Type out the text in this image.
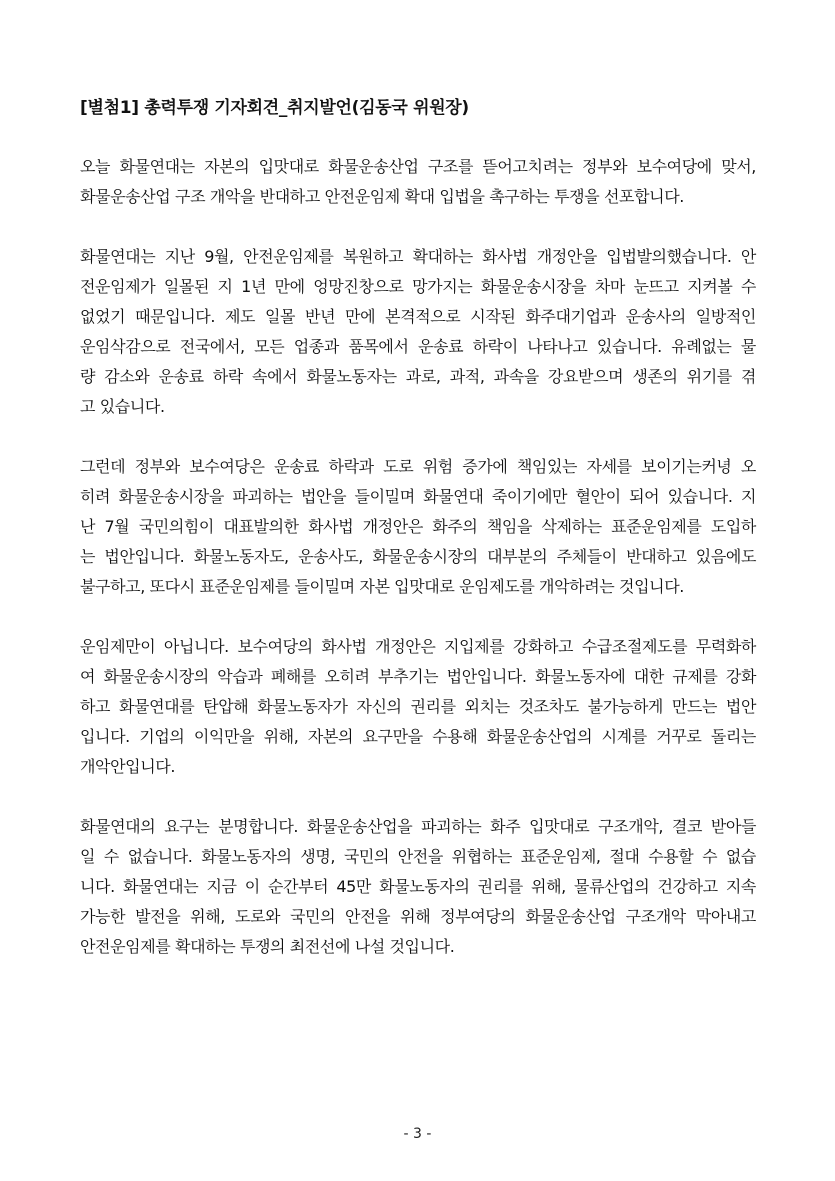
[별첨1] 총력투쟁 기자회견_취지발언(김동국 위원장)
오늘 화물연대는 자본의 입맛대로 화물운송산업 구조를 뜯어고치려는 정부와 보수여당에 맞서,
화물운송산업 구조 개악을 반대하고 안전운임제 확대 입법을 촉구하는 투쟁을 선포합니다.
화물연대는 지난 9월, 안전운임제를 복원하고 확대하는 화사법 개정안을 입법발의했습니다. 안
전운임제가 일몰된 지 1년 만에 엉망진창으로 망가지는 화물운송시장을 차마 눈뜨고 지켜볼 수
없었기 때문입니다. 제도 일몰 반년 만에 본격적으로 시작된 화주대기업과 운송사의 일방적인
운임삭감으로 전국에서, 모든 업종과 품목에서 운송료 하락이 나타나고 있습니다. 유례없는 물
량 감소와 운송료 하락 속에서 화물노동자는 과로, 과적, 과속을 강요받으며 생존의 위기를 겪
고 있습니다.
그런데 정부와 보수여당은 운송료 하락과 도로 위험 증가에 책임있는 자세를 보이기는커녕 오
히려 화물운송시장을 파괴하는 법안을 들이밀며 화물연대 죽이기에만 혈안이 되어 있습니다. 지
난 7월 국민의힘이 대표발의한 화사법 개정안은 화주의 책임을 삭제하는 표준운임제를 도입하
는 법안입니다. 화물노동자도, 운송사도, 화물운송시장의 대부분의 주체들이 반대하고 있음에도
불구하고, 또다시 표준운임제를 들이밀며 자본 입맛대로 운임제도를 개악하려는 것입니다.
운임제만이 아닙니다. 보수여당의 화사법 개정안은 지입제를 강화하고 수급조절제도를 무력화하
여 화물운송시장의 악습과 폐해를 오히려 부추기는 법안입니다. 화물노동자에 대한 규제를 강화
하고 화물연대를 탄압해 화물노동자가 자신의 권리를 외치는 것조차도 불가능하게 만드는 법안
입니다. 기업의 이익만을 위해, 자본의 요구만을 수용해 화물운송산업의 시계를 거꾸로 돌리는
개악안입니다.
화물연대의 요구는 분명합니다. 화물운송산업을 파괴하는 화주 입맛대로 구조개악, 결코 받아들
일 수 없습니다. 화물노동자의 생명, 국민의 안전을 위협하는 표준운임제, 절대 수용할 수 없습
니다. 화물연대는 지금 이 순간부터 45만 화물노동자의 권리를 위해, 물류산업의 건강하고 지속
가능한 발전을 위해, 도로와 국민의 안전을 위해 정부여당의 화물운송산업 구조개악 막아내고
안전운임제를 확대하는 투쟁의 최전선에 나설 것입니다.
- 3 -
